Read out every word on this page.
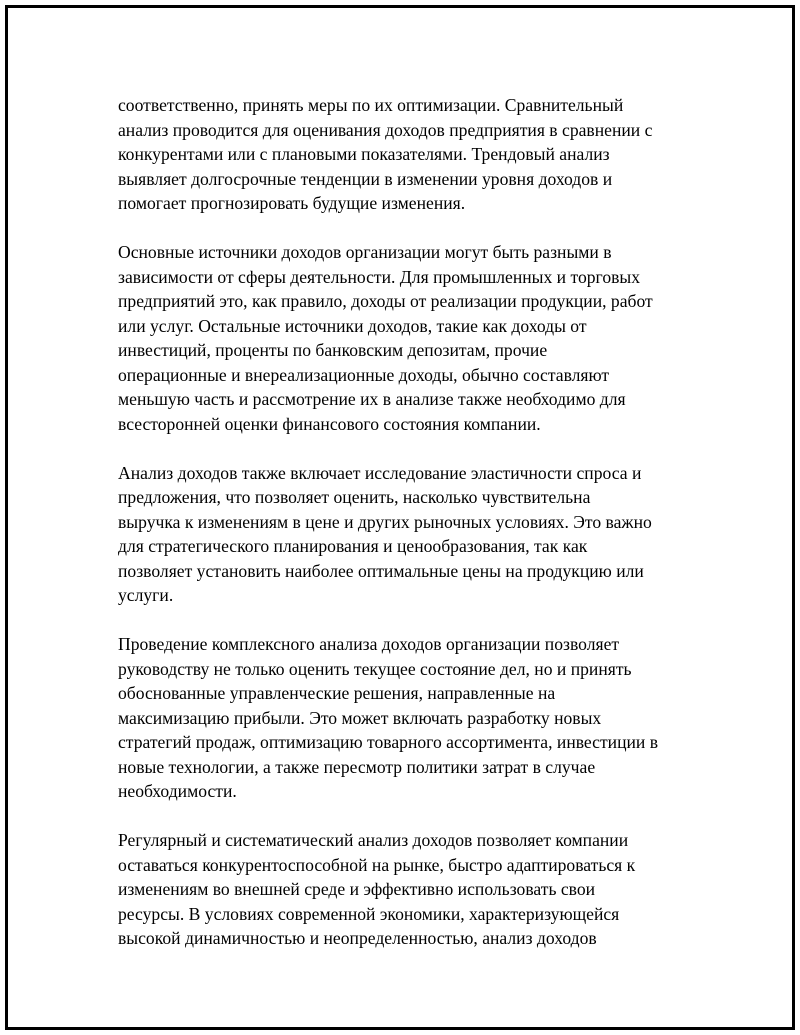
соответственно, принять меры по их оптимизации. Сравнительный
анализ проводится для оценивания доходов предприятия в сравнении с
конкурентами или с плановыми показателями. Трендовый анализ
выявляет долгосрочные тенденции в изменении уровня доходов и
помогает прогнозировать будущие изменения.
Основные источники доходов организации могут быть разными в
зависимости от сферы деятельности. Для промышленных и торговых
предприятий это, как правило, доходы от реализации продукции, работ
или услуг. Остальные источники доходов, такие как доходы от
инвестиций, проценты по банковским депозитам, прочие
операционные и внереализационные доходы, обычно составляют
меньшую часть и рассмотрение их в анализе также необходимо для
всесторонней оценки финансового состояния компании.
Анализ доходов также включает исследование эластичности спроса и
предложения, что позволяет оценить, насколько чувствительна
выручка к изменениям в цене и других рыночных условиях. Это важно
для стратегического планирования и ценообразования, так как
позволяет установить наиболее оптимальные цены на продукцию или
услуги.
Проведение комплексного анализа доходов организации позволяет
руководству не только оценить текущее состояние дел, но и принять
обоснованные управленческие решения, направленные на
максимизацию прибыли. Это может включать разработку новых
стратегий продаж, оптимизацию товарного ассортимента, инвестиции в
новые технологии, а также пересмотр политики затрат в случае
необходимости.
Регулярный и систематический анализ доходов позволяет компании
оставаться конкурентоспособной на рынке, быстро адаптироваться к
изменениям во внешней среде и эффективно использовать свои
ресурсы. В условиях современной экономики, характеризующейся
высокой динамичностью и неопределенностью, анализ доходов
